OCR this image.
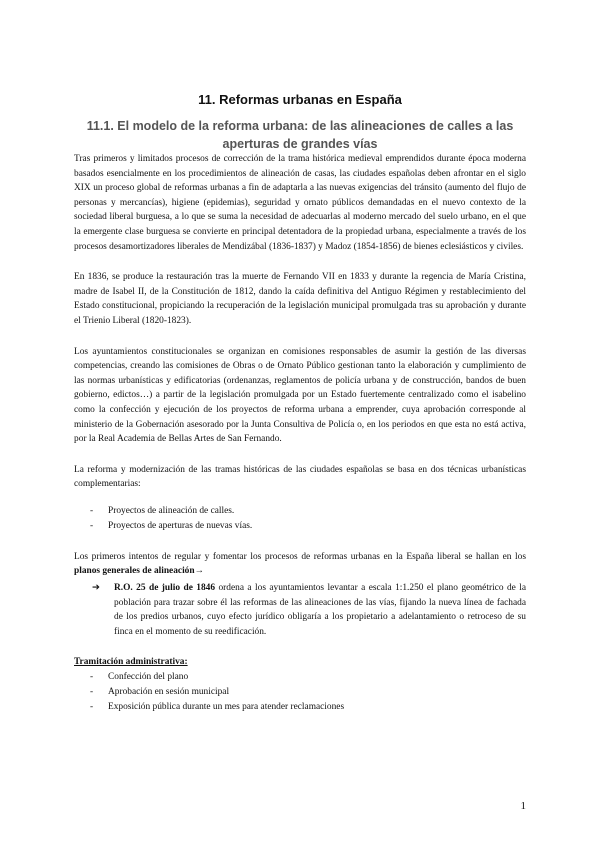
11. Reformas urbanas en España
11.1. El modelo de la reforma urbana: de las alineaciones de calles a las aperturas de grandes vías

Tras primeros y limitados procesos de corrección de la trama histórica medieval emprendidos durante época moderna basados esencialmente en los procedimientos de alineación de casas, las ciudades españolas deben afrontar en el siglo XIX un proceso global de reformas urbanas a fin de adaptarla a las nuevas exigencias del tránsito (aumento del flujo de personas y mercancías), higiene (epidemias), seguridad y ornato públicos demandadas en el nuevo contexto de la sociedad liberal burguesa, a lo que se suma la necesidad de adecuarlas al moderno mercado del suelo urbano, en el que la emergente clase burguesa se convierte en principal detentadora de la propiedad urbana, especialmente a través de los procesos desamortizadores liberales de Mendizábal (1836-1837) y Madoz (1854-1856) de bienes eclesiásticos y civiles.

En 1836, se produce la restauración tras la muerte de Fernando VII en 1833 y durante la regencia de María Cristina, madre de Isabel II, de la Constitución de 1812, dando la caída definitiva del Antiguo Régimen y restablecimiento del Estado constitucional, propiciando la recuperación de la legislación municipal promulgada tras su aprobación y durante el Trienio Liberal (1820-1823).

Los ayuntamientos constitucionales se organizan en comisiones responsables de asumir la gestión de las diversas competencias, creando las comisiones de Obras o de Ornato Público gestionan tanto la elaboración y cumplimiento de las normas urbanísticas y edificatorias (ordenanzas, reglamentos de policía urbana y de construcción, bandos de buen gobierno, edictos…) a partir de la legislación promulgada por un Estado fuertemente centralizado como el isabelino como la confección y ejecución de los proyectos de reforma urbana a emprender, cuya aprobación corresponde al ministerio de la Gobernación asesorado por la Junta Consultiva de Policía o, en los periodos en que esta no está activa, por la Real Academia de Bellas Artes de San Fernando.

La reforma y modernización de las tramas históricas de las ciudades españolas se basa en dos técnicas urbanísticas complementarias:

- Proyectos de alineación de calles.
- Proyectos de aperturas de nuevas vías.

Los primeros intentos de regular y fomentar los procesos de reformas urbanas en la España liberal se hallan en los planos generales de alineación→

➔ R.O. 25 de julio de 1846 ordena a los ayuntamientos levantar a escala 1:1.250 el plano geométrico de la población para trazar sobre él las reformas de las alineaciones de las vías, fijando la nueva línea de fachada de los predios urbanos, cuyo efecto jurídico obligaría a los propietario a adelantamiento o retroceso de su finca en el momento de su reedificación.

Tramitación administrativa:

- Confección del plano
- Aprobación en sesión municipal
- Exposición pública durante un mes para atender reclamaciones
1
